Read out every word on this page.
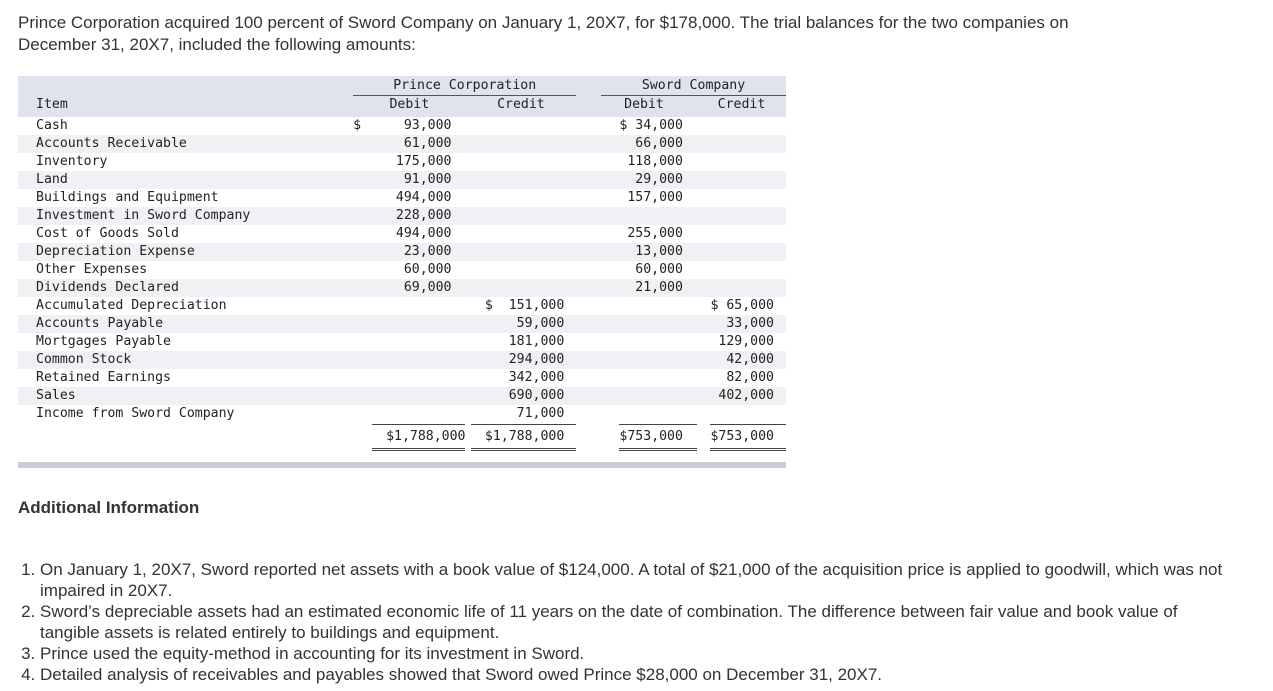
Prince Corporation acquired 100 percent of Sword Company on January 1, 20X7, for $178,000. The trial balances for the two companies on December 31, 20X7, included the following amounts:

	Prince Corporation			Sword Company	

Item	Debit	Credit		Debit	Credit
Cash	$ 93,000			$ 34,000	
Accounts Receivable	61,000			66,000	
Inventory	175,000			118,000	
Land	91,000			29,000	
Buildings and Equipment	494,000			157,000	
Investment in Sword Company	228,000				
Cost of Goods Sold	494,000			255,000	
Depreciation Expense	23,000			13,000	
Other Expenses	60,000			60,000	
Dividends Declared	69,000			21,000	
Accumulated Depreciation		$  151,000			$ 65,000
Accounts Payable		59,000			33,000
Mortgages Payable		181,000			129,000
Common Stock		294,000			42,000
Retained Earnings		342,000			82,000
Sales		690,000			402,000
Income from Sword Company		71,000			
	$1,788,000	$1,788,000		$753,000	$753,000
Additional Information
1. On January 1, 20X7, Sword reported net assets with a book value of $124,000. A total of $21,000 of the acquisition price is applied to goodwill, which was not impaired in 20X7.
2. Sword’s depreciable assets had an estimated economic life of 11 years on the date of combination. The difference between fair value and book value of tangible assets is related entirely to buildings and equipment.
3. Prince used the equity-method in accounting for its investment in Sword.
4. Detailed analysis of receivables and payables showed that Sword owed Prince $28,000 on December 31, 20X7.
